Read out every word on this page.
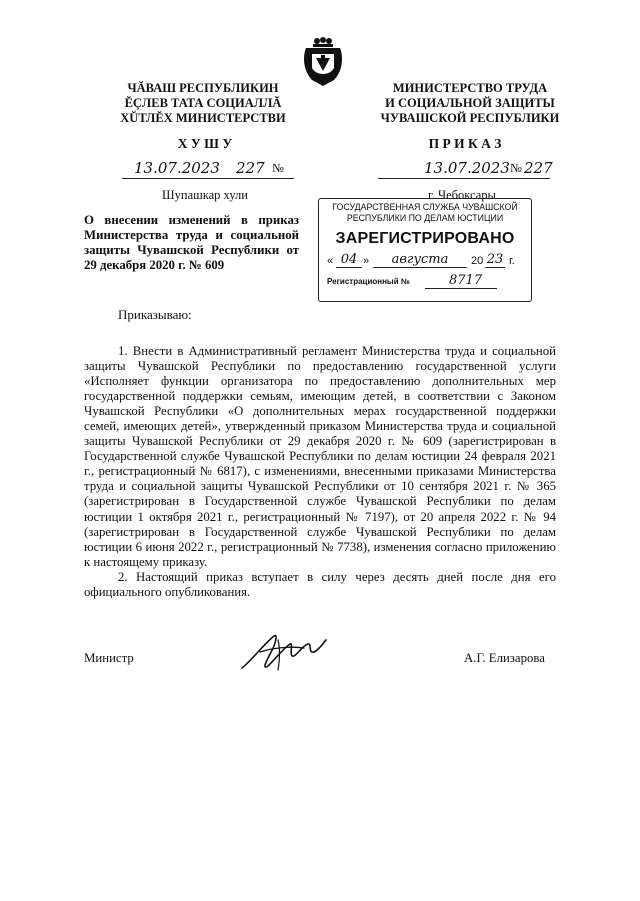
ЧĂВАШ РЕСПУБЛИКИН
ĔÇЛЕВ ТАТА СОЦИАЛЛĂ
ХŬТЛĔХ МИНИСТЕРСТВИ
МИНИСТЕРСТВО ТРУДА
И СОЦИАЛЬНОЙ ЗАЩИТЫ
ЧУВАШСКОЙ РЕСПУБЛИКИ
Х У Ш У	П Р И К А З
13.07.2023 227 №	13.07.2023 № 227
Шупашкар хули	г. Чебоксары
ГОСУДАРСТВЕННАЯ СЛУЖБА ЧУВАШСКОЙ
РЕСПУБЛИКИ ПО ДЕЛАМ ЮСТИЦИИ
ЗАРЕГИСТРИРОВАНО
« 04 »	августа	20 23 г.
Регистрационный №	8717
О внесении изменений в приказ Министерства труда и социальной защиты Чувашской Республики от 29 декабря 2020 г. № 609
Приказываю:

1. Внести в Административный регламент Министерства труда и социальной защиты Чувашской Республики по предоставлению государственной услуги «Исполняет функции организатора по предоставлению дополнительных мер государственной поддержки семьям, имеющим детей, в соответствии с Законом Чувашской Республики «О дополнительных мерах государственной поддержки семей, имеющих детей», утвержденный приказом Министерства труда и социальной защиты Чувашской Республики от 29 декабря 2020 г. № 609 (зарегистрирован в Государственной службе Чувашской Республики по делам юстиции 24 февраля 2021 г., регистрационный № 6817), с изменениями, внесенными приказами Министерства труда и социальной защиты Чувашской Республики от 10 сентября 2021 г. № 365 (зарегистрирован в Государственной службе Чувашской Республики по делам юстиции 1 октября 2021 г., регистрационный № 7197), от 20 апреля 2022 г. № 94 (зарегистрирован в Государственной службе Чувашской Республики по делам юстиции 6 июня 2022 г., регистрационный № 7738), изменения согласно приложению к настоящему приказу.

2. Настоящий приказ вступает в силу через десять дней после дня его официального опубликования.

Министр	А.Г. Елизарова
